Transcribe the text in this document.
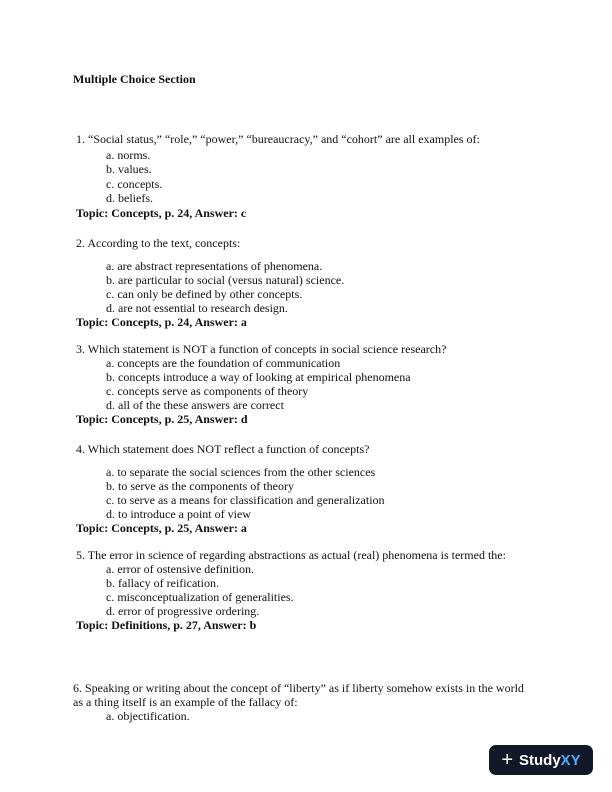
Multiple Choice Section
1. “Social status,” “role,” “power,” “bureaucracy,” and “cohort” are all examples of:
a. norms.
b. values.
c. concepts.
d. beliefs.
Topic: Concepts, p. 24, Answer: c
2. According to the text, concepts:
a. are abstract representations of phenomena.
b. are particular to social (versus natural) science.
c. can only be defined by other concepts.
d. are not essential to research design.
Topic: Concepts, p. 24, Answer: a
3. Which statement is NOT a function of concepts in social science research?
a. concepts are the foundation of communication
b. concepts introduce a way of looking at empirical phenomena
c. concepts serve as components of theory
d. all of the these answers are correct
Topic: Concepts, p. 25, Answer: d
4. Which statement does NOT reflect a function of concepts?
a. to separate the social sciences from the other sciences
b. to serve as the components of theory
c. to serve as a means for classification and generalization
d. to introduce a point of view
Topic: Concepts, p. 25, Answer: a
5. The error in science of regarding abstractions as actual (real) phenomena is termed the:
a. error of ostensive definition.
b. fallacy of reification.
c. misconceptualization of generalities.
d. error of progressive ordering.
Topic: Definitions, p. 27, Answer: b
6. Speaking or writing about the concept of “liberty” as if liberty somehow exists in the world
as a thing itself is an example of the fallacy of:
a. objectification.
+ Study XY
